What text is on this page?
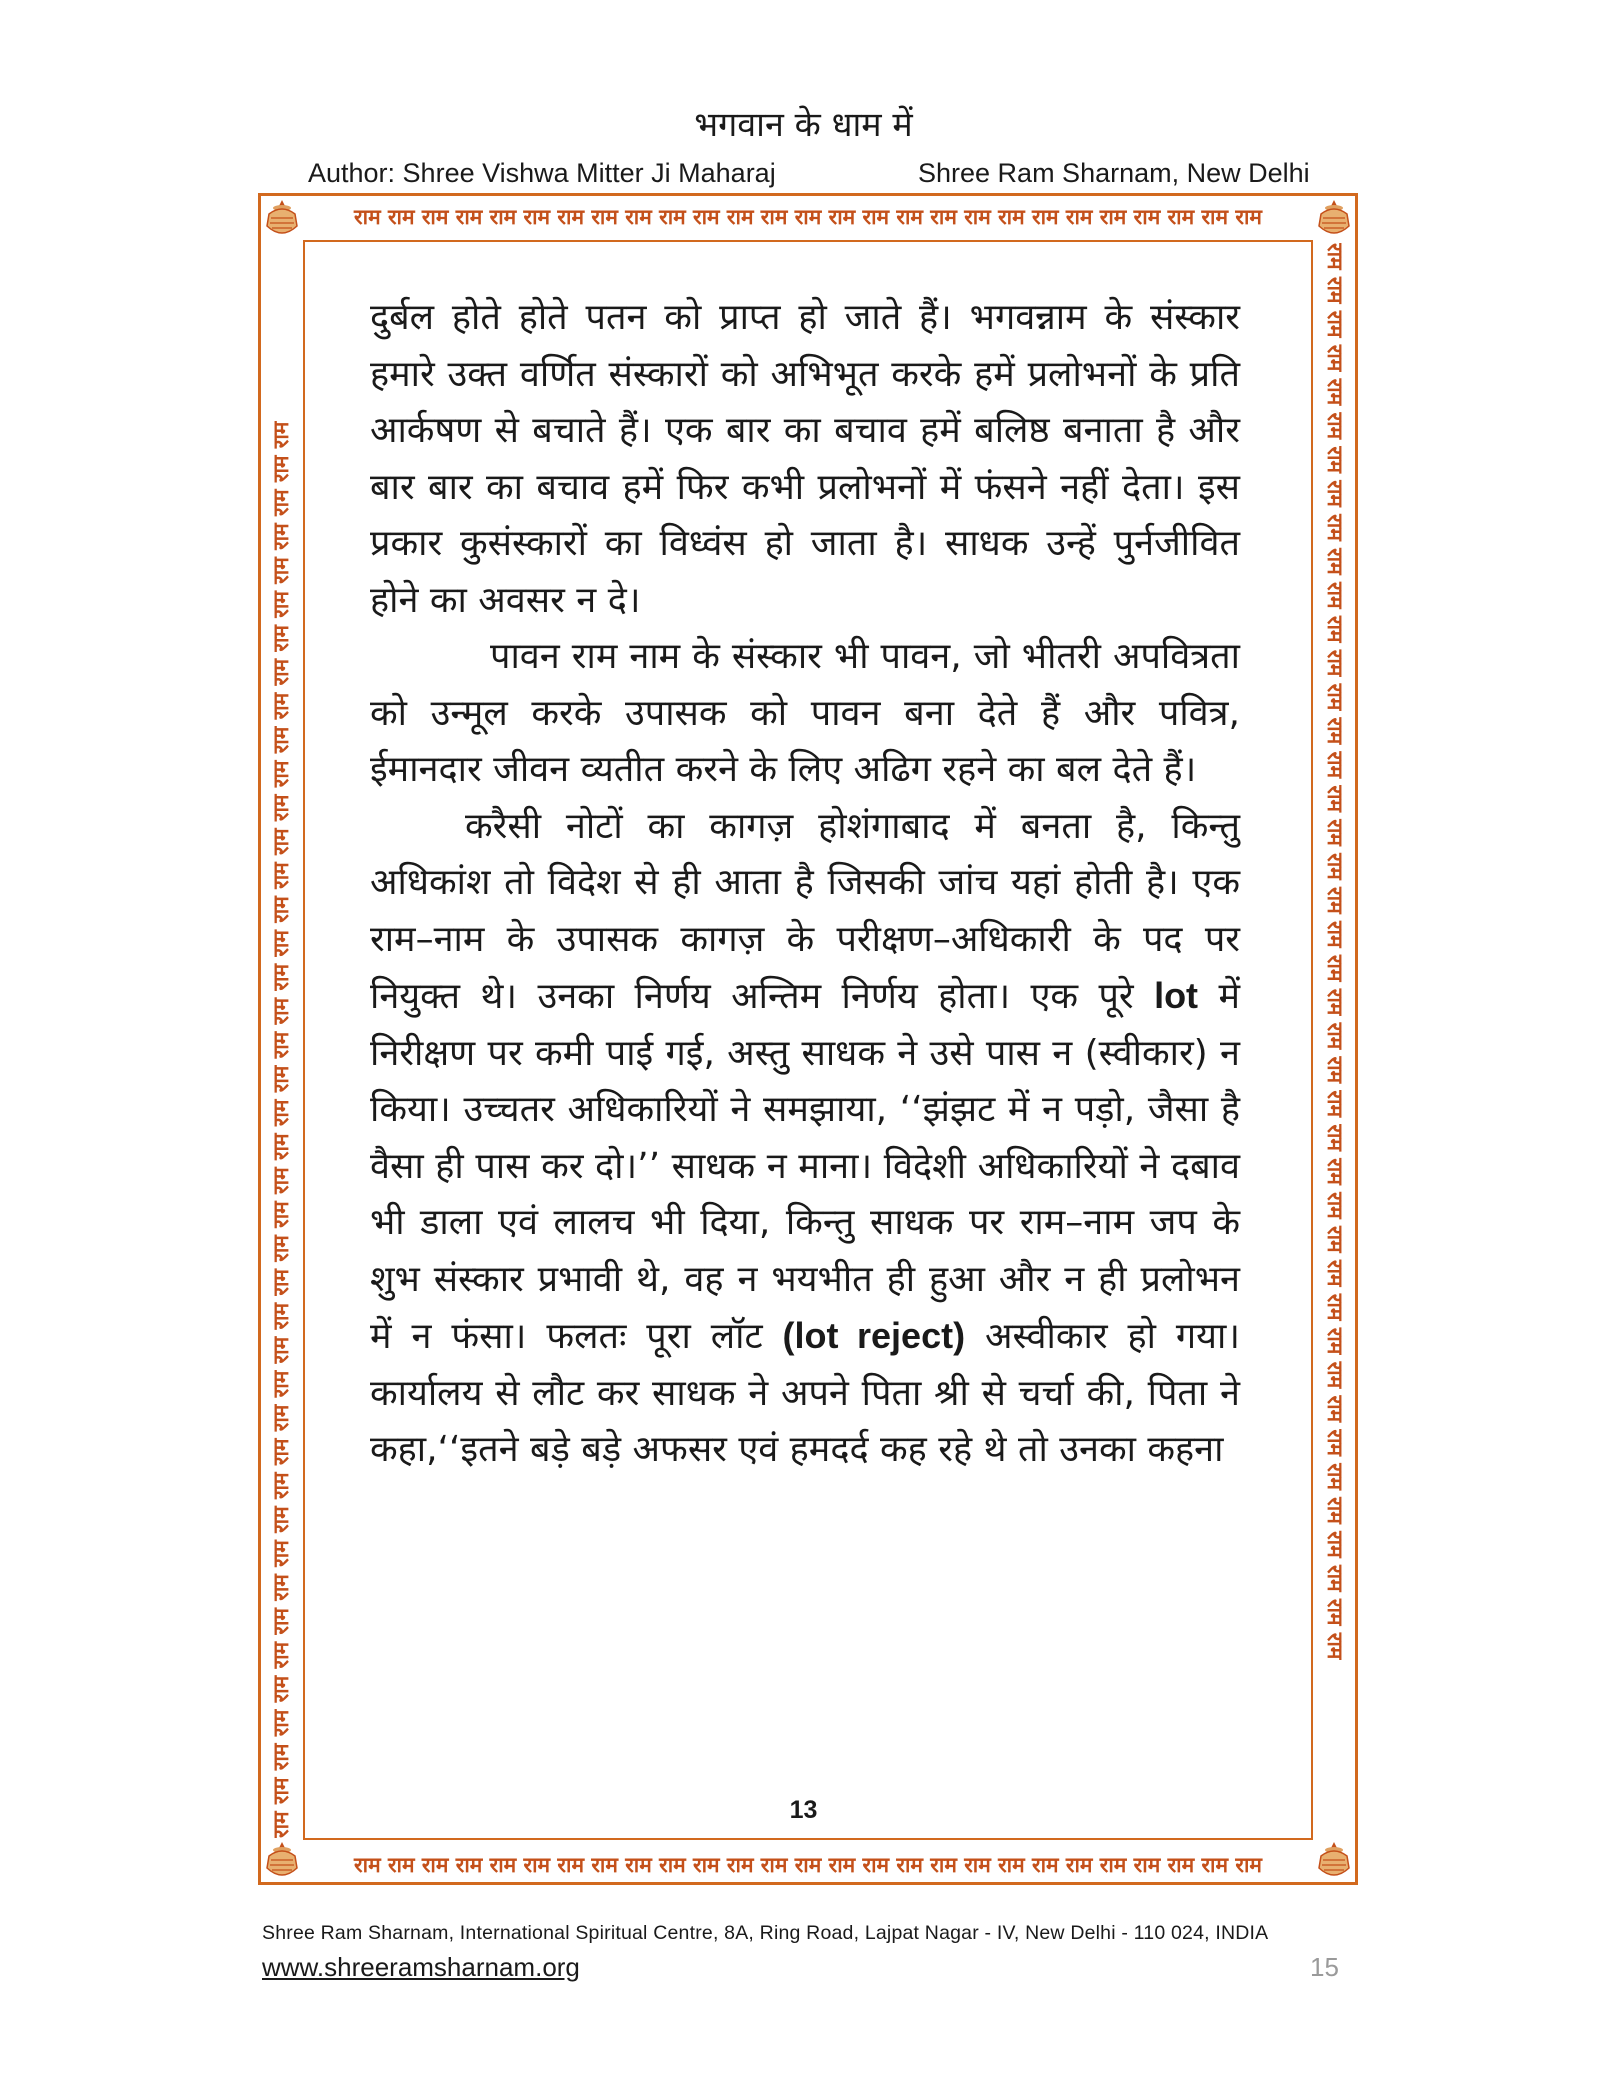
भगवान के धाम में
Author: Shree Vishwa Mitter Ji Maharaj	Shree Ram Sharnam, New Delhi
राम राम राम राम राम राम राम राम राम राम राम राम राम राम राम राम राम राम राम राम राम राम राम राम राम राम राम
राम राम राम राम राम राम राम राम राम राम राम राम राम राम राम राम राम राम राम राम राम राम राम राम राम राम राम
राम राम राम राम राम राम राम राम राम राम राम राम राम राम राम राम राम राम राम राम राम राम राम राम राम राम राम राम राम राम राम राम राम राम राम राम राम राम राम राम राम राम	राम राम राम राम राम राम राम राम राम राम राम राम राम राम राम राम राम राम राम राम राम राम राम राम राम राम राम राम राम राम राम राम राम राम राम राम राम राम राम राम राम राम

दुर्बल होते होते पतन को प्राप्त हो जाते हैं। भगवन्नाम के संस्कार हमारे उक्त वर्णित संस्कारों को अभिभूत करके हमें प्रलोभनों के प्रति आर्कषण से बचाते हैं। एक बार का बचाव हमें बलिष्ठ बनाता है और बार बार का बचाव हमें फिर कभी प्रलोभनों में फंसने नहीं देता। इस प्रकार कुसंस्कारों का विध्वंस हो जाता है। साधक उन्हें पुर्नजीवित होने का अवसर न दे।

पावन राम नाम के संस्कार भी पावन, जो भीतरी अपवित्रता को उन्मूल करके उपासक को पावन बना देते हैं और पवित्र, ईमानदार जीवन व्यतीत करने के लिए अढिग रहने का बल देते हैं।

करैसी नोटों का कागज़ होशंगाबाद में बनता है, किन्तु अधिकांश तो विदेश से ही आता है जिसकी जांच यहां होती है। एक राम–नाम के उपासक कागज़ के परीक्षण–अधिकारी के पद पर नियुक्त थे। उनका निर्णय अन्तिम निर्णय होता। एक पूरे lot में निरीक्षण पर कमी पाई गई, अस्तु साधक ने उसे पास न (स्वीकार) न किया। उच्चतर अधिकारियों ने समझाया, ‘‘झंझट में न पड़ो, जैसा है वैसा ही पास कर दो।’’ साधक न माना। विदेशी अधिकारियों ने दबाव भी डाला एवं लालच भी दिया, किन्तु साधक पर राम–नाम जप के शुभ संस्कार प्रभावी थे, वह न भयभीत ही हुआ और न ही प्रलोभन में न फंसा। फलतः पूरा लॉट (lot reject) अस्वीकार हो गया। कार्यालय से लौट कर साधक ने अपने पिता श्री से चर्चा की, पिता ने कहा,‘‘इतने बड़े बड़े अफसर एवं हमदर्द कह रहे थे तो उनका कहना

13
Shree Ram Sharnam, International Spiritual Centre, 8A, Ring Road, Lajpat Nagar - IV, New Delhi - 110 024, INDIA
www.shreeramsharnam.org	15
